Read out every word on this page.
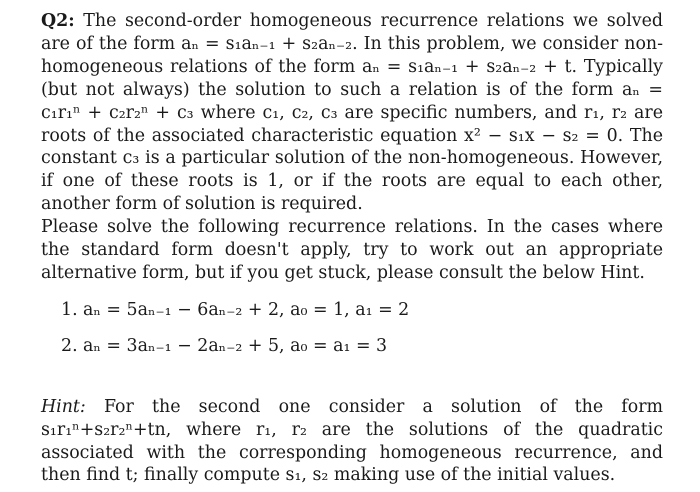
Q2: The second-order homogeneous recurrence relations we solved are of the form aₙ = s₁aₙ₋₁ + s₂aₙ₋₂. In this problem, we consider non-homogeneous relations of the form aₙ = s₁aₙ₋₁ + s₂aₙ₋₂ + t. Typically (but not always) the solution to such a relation is of the form aₙ = c₁r₁ⁿ + c₂r₂ⁿ + c₃ where c₁, c₂, c₃ are specific numbers, and r₁, r₂ are roots of the associated characteristic equation x² − s₁x − s₂ = 0. The constant c₃ is a particular solution of the non-homogeneous. However, if one of these roots is 1, or if the roots are equal to each other, another form of solution is required.

Please solve the following recurrence relations. In the cases where the standard form doesn't apply, try to work out an appropriate alternative form, but if you get stuck, please consult the below Hint.

1. aₙ = 5aₙ₋₁ − 6aₙ₋₂ + 2, a₀ = 1, a₁ = 2
2. aₙ = 3aₙ₋₁ − 2aₙ₋₂ + 5, a₀ = a₁ = 3

Hint: For the second one consider a solution of the form s₁r₁ⁿ+s₂r₂ⁿ+tn, where r₁, r₂ are the solutions of the quadratic associated with the corresponding homogeneous recurrence, and then find t; finally compute s₁, s₂ making use of the initial values.
